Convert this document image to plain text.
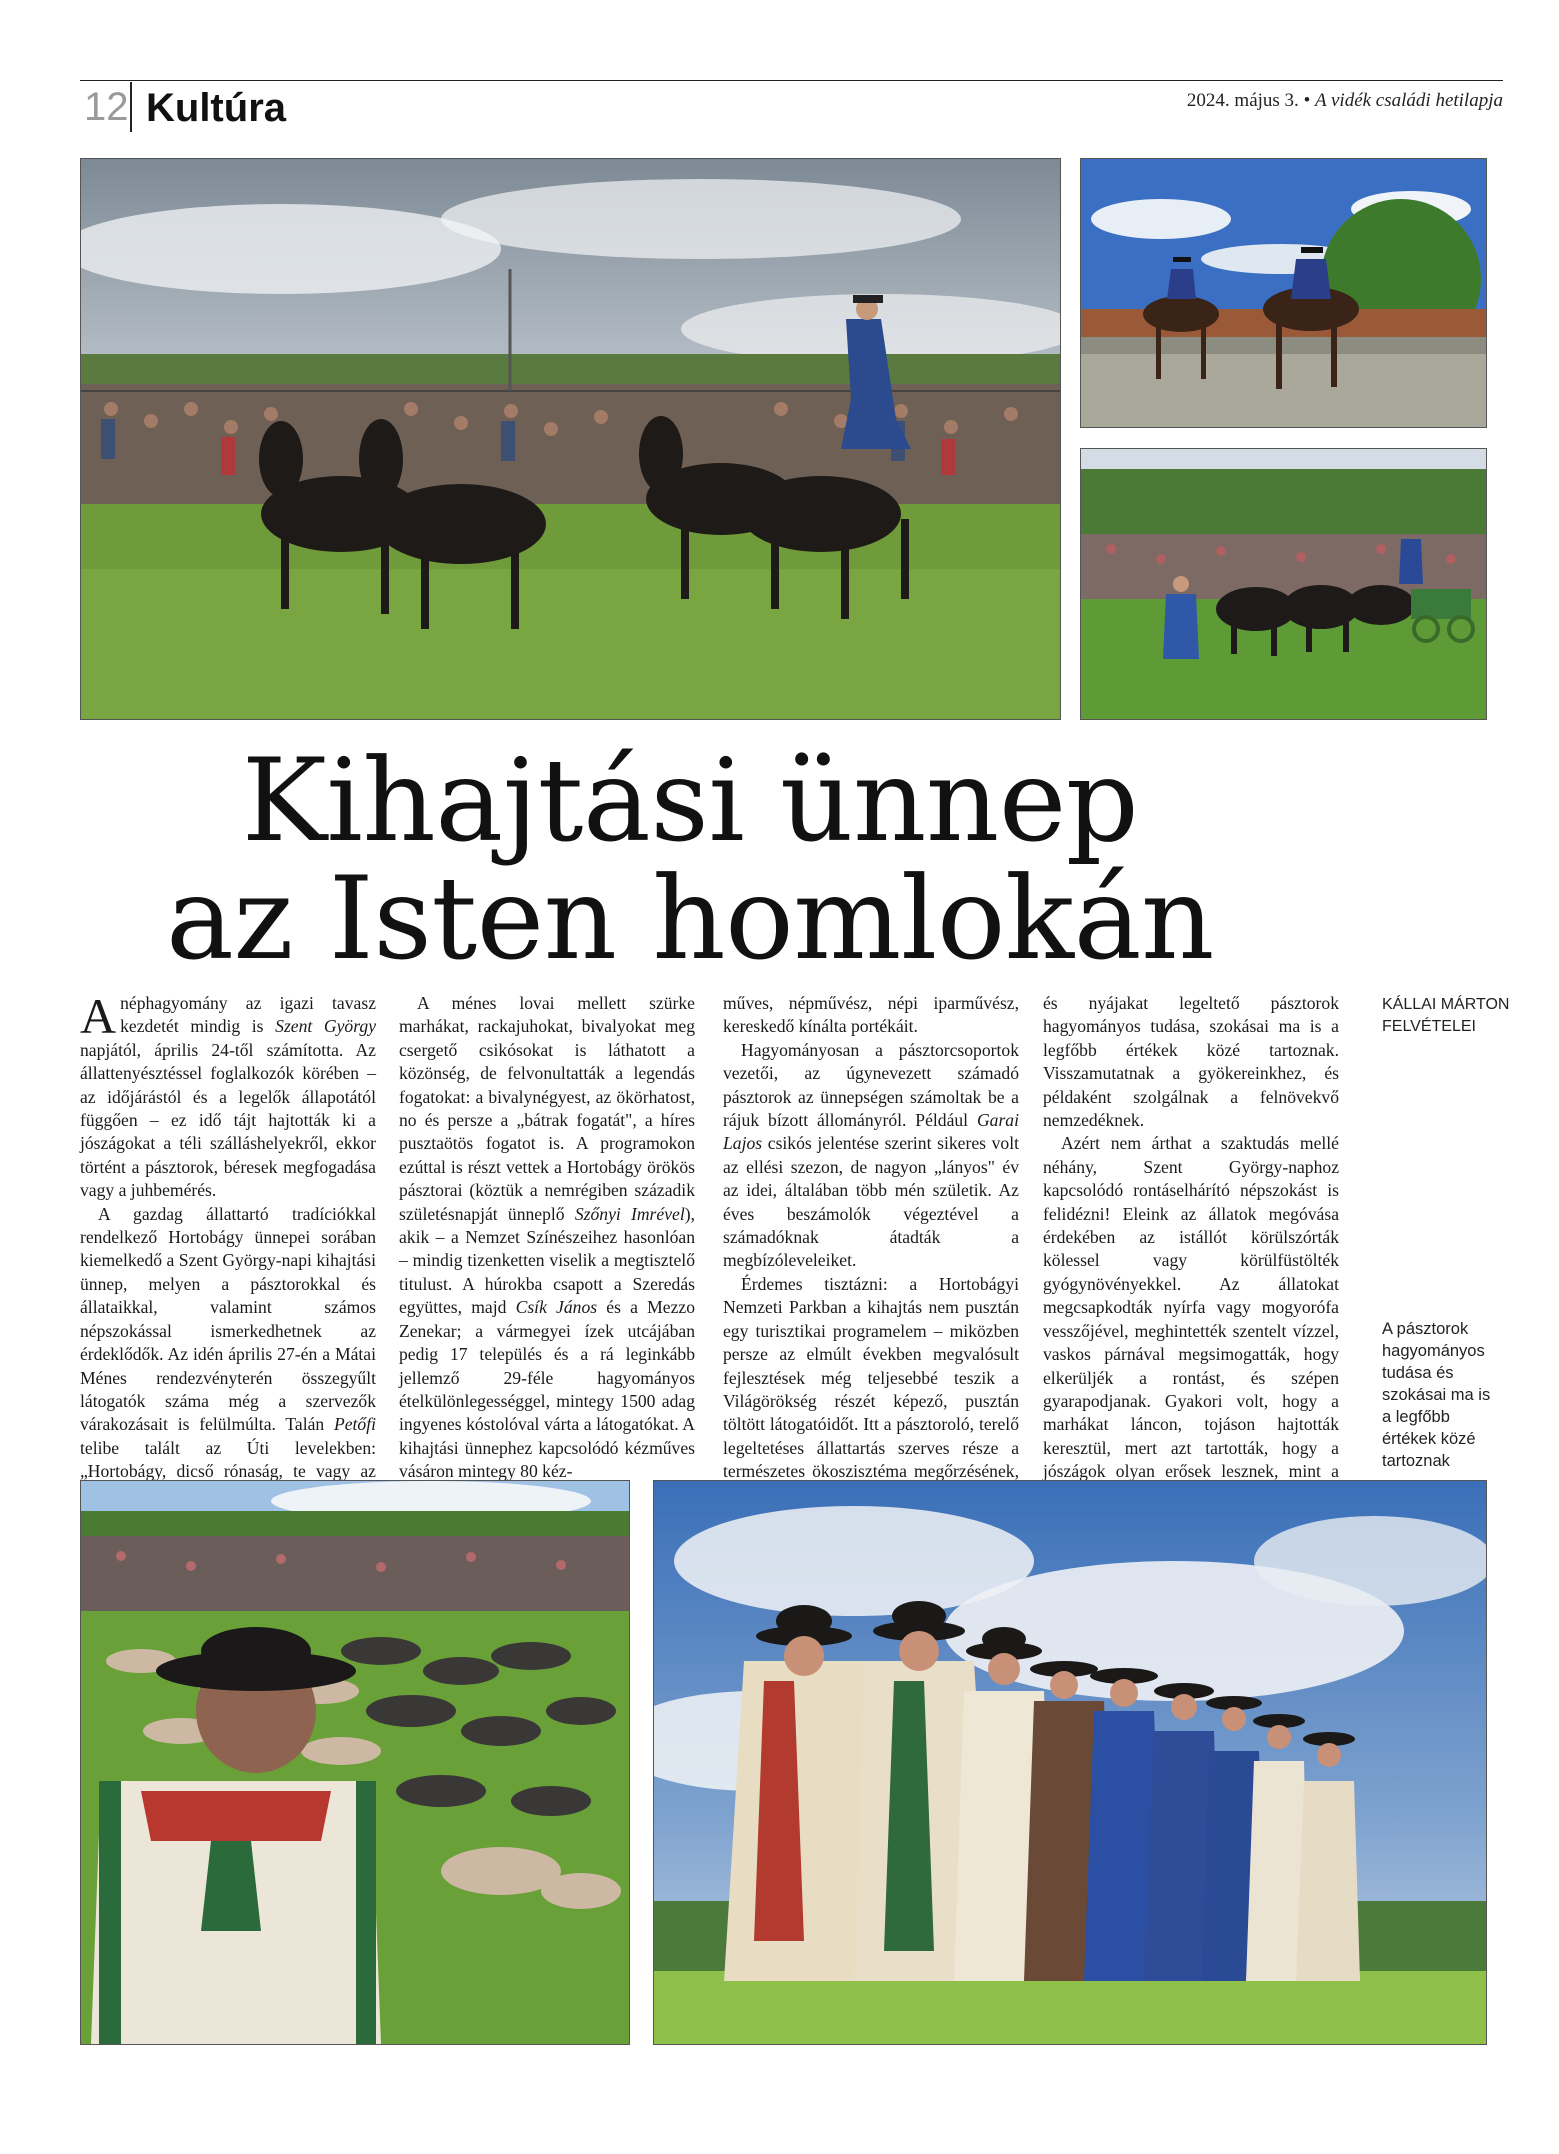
12 Kultúra	2024. május 3. • A vidék családi hetilapja
Kihajtási ünnep
az Isten homlokán

A néphagyomány az igazi tavasz kezdetét mindig is Szent György napjától, április 24-től számította. Az állattenyésztéssel foglalkozók körében – az időjárástól és a legelők állapotától függően – ez idő tájt hajtották ki a jószágokat a téli szálláshelyekről, ekkor történt a pásztorok, béresek megfogadása vagy a juhbemérés.

A gazdag állattartó tradíciókkal rendelkező Hortobágy ünnepei sorában kiemelkedő a Szent György-napi kihajtási ünnep, melyen a pásztorokkal és állataikkal, valamint számos népszokással ismerkedhetnek az érdeklődők. Az idén április 27-én a Mátai Ménes rendezvényterén összegyűlt látogatók száma még a szervezők várakozásait is felülmúlta. Talán Petőfi telibe talált az Úti levelekben: „Hortobágy, dicső rónaság, te vagy az

A ménes lovai mellett szürke marhákat, rackajuhokat, bivalyokat meg csergető csikósokat is láthatott a közönség, de felvonultatták a legendás fogatokat: a bivalynégyest, az ökörhatost, no és persze a „bátrak fogatát", a híres pusztaötös fogatot is. A programokon ezúttal is részt vettek a Hortobágy örökös pásztorai (köztük a nemrégiben századik születésnapját ünneplő Szőnyi Imrével), akik – a Nemzet Színészeihez hasonlóan – mindig tizenketten viselik a megtisztelő titulust. A húrokba csapott a Szeredás együttes, majd Csík János és a Mezzo Zenekar; a vármegyei ízek utcájában pedig 17 település és a rá leginkább jellemző 29-féle hagyományos ételkülönlegességgel, mintegy 1500 adag ingyenes kóstolóval várta a látogatókat. A kihajtási ünnephez kapcsolódó kézműves vásáron mintegy 80 kéz-

műves, népművész, népi iparművész, kereskedő kínálta portékáit.

Hagyományosan a pásztorcsoportok vezetői, az úgynevezett számadó pásztorok az ünnepségen számoltak be a rájuk bízott állományról. Például Garai Lajos csikós jelentése szerint sikeres volt az ellési szezon, de nagyon „lányos" év az idei, általában több mén születik. Az éves beszámolók végeztével a számadóknak átadták a megbízóleveleiket.

Érdemes tisztázni: a Hortobágyi Nemzeti Parkban a kihajtás nem pusztán egy turisztikai programelem – miközben persze az elmúlt években megvalósult fejlesztések még teljesebbé teszik a Világörökség részét képező, pusztán töltött látogatóidőt. Itt a pásztoroló, terelő legeltetéses állattartás szerves része a természetes ökoszisztéma megőrzésének,

és nyájakat legeltető pásztorok hagyományos tudása, szokásai ma is a legfőbb értékek közé tartoznak. Visszamutatnak a gyökereinkhez, és példaként szolgálnak a felnövekvő nemzedéknek.

Azért nem árthat a szaktudás mellé néhány, Szent György-naphoz kapcsolódó rontáselhárító népszokást is felidézni! Eleink az állatok megóvása érdekében az istállót körülszórták kölessel vagy körülfüstölték gyógynövényekkel. Az állatokat megcsapkodták nyírfa vagy mogyorófa vesszőjével, meghintették szentelt vízzel, vaskos párnával megsimogatták, hogy elkerüljék a rontást, és szépen gyarapodjanak. Gyakori volt, hogy a marhákat láncon, tojáson hajtották keresztül, mert azt tartották, hogy a jószágok olyan erősek lesznek, mint a

KÁLLAI MÁRTON FELVÉTELEI
A pásztorok hagyományos tudása és szokásai ma is a legfőbb értékek közé tartoznak
